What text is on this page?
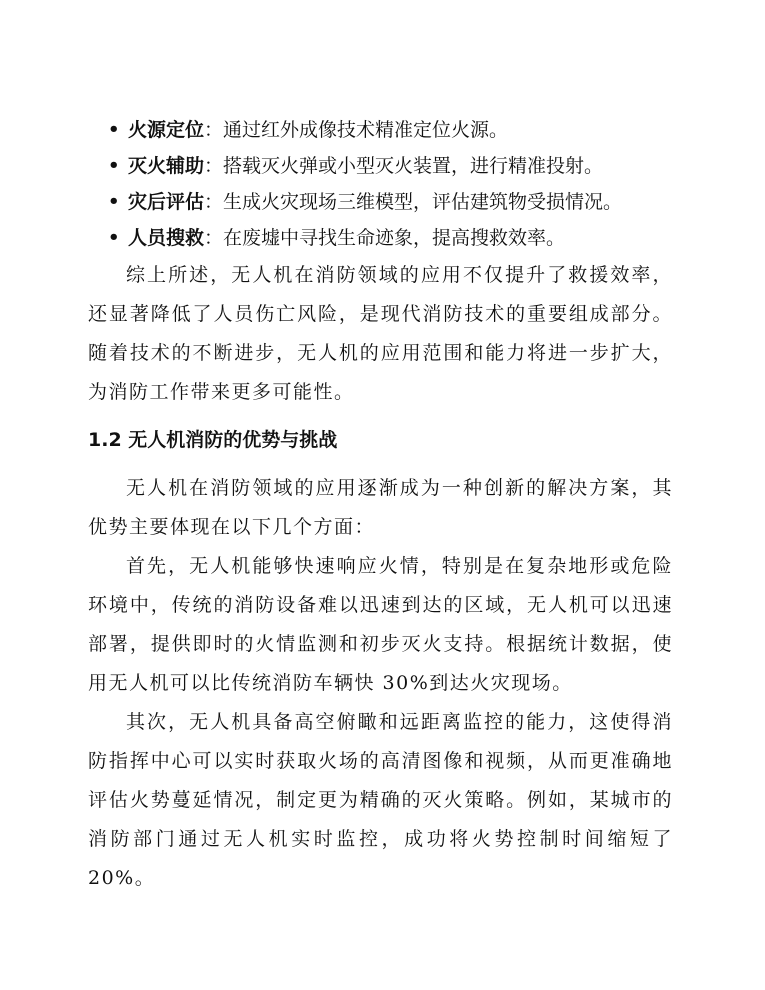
• 火源定位 ： 通过红外成像技术精准定位火源。
• 灭火辅助 ： 搭载灭火弹或小型灭火装置，进行精准投射。
• 灾后评估 ： 生成火灾现场三维模型，评估建筑物受损情况。
• 人员搜救 ： 在废墟中寻找生命迹象，提高搜救效率。

综上所述，无人机在消防领域的应用不仅提升了救援效率，还显著降低了人员伤亡风险，是现代消防技术的重要组成部分。随着技术的不断进步，无人机的应用范围和能力将进一步扩大，为消防工作带来更多可能性。

1.2 无人机消防的优势与挑战

无人机在消防领域的应用逐渐成为一种创新的解决方案，其优势主要体现在以下几个方面：

首先，无人机能够快速响应火情，特别是在复杂地形或危险环境中，传统的消防设备难以迅速到达的区域，无人机可以迅速部署，提供即时的火情监测和初步灭火支持。根据统计数据，使用无人机可以比传统消防车辆快 30%到达火灾现场。

其次，无人机具备高空俯瞰和远距离监控的能力，这使得消防指挥中心可以实时获取火场的高清图像和视频，从而更准确地评估火势蔓延情况，制定更为精确的灭火策略。例如，某城市的消防部门通过无人机实时监控，成功将火势控制时间缩短了 20%。
